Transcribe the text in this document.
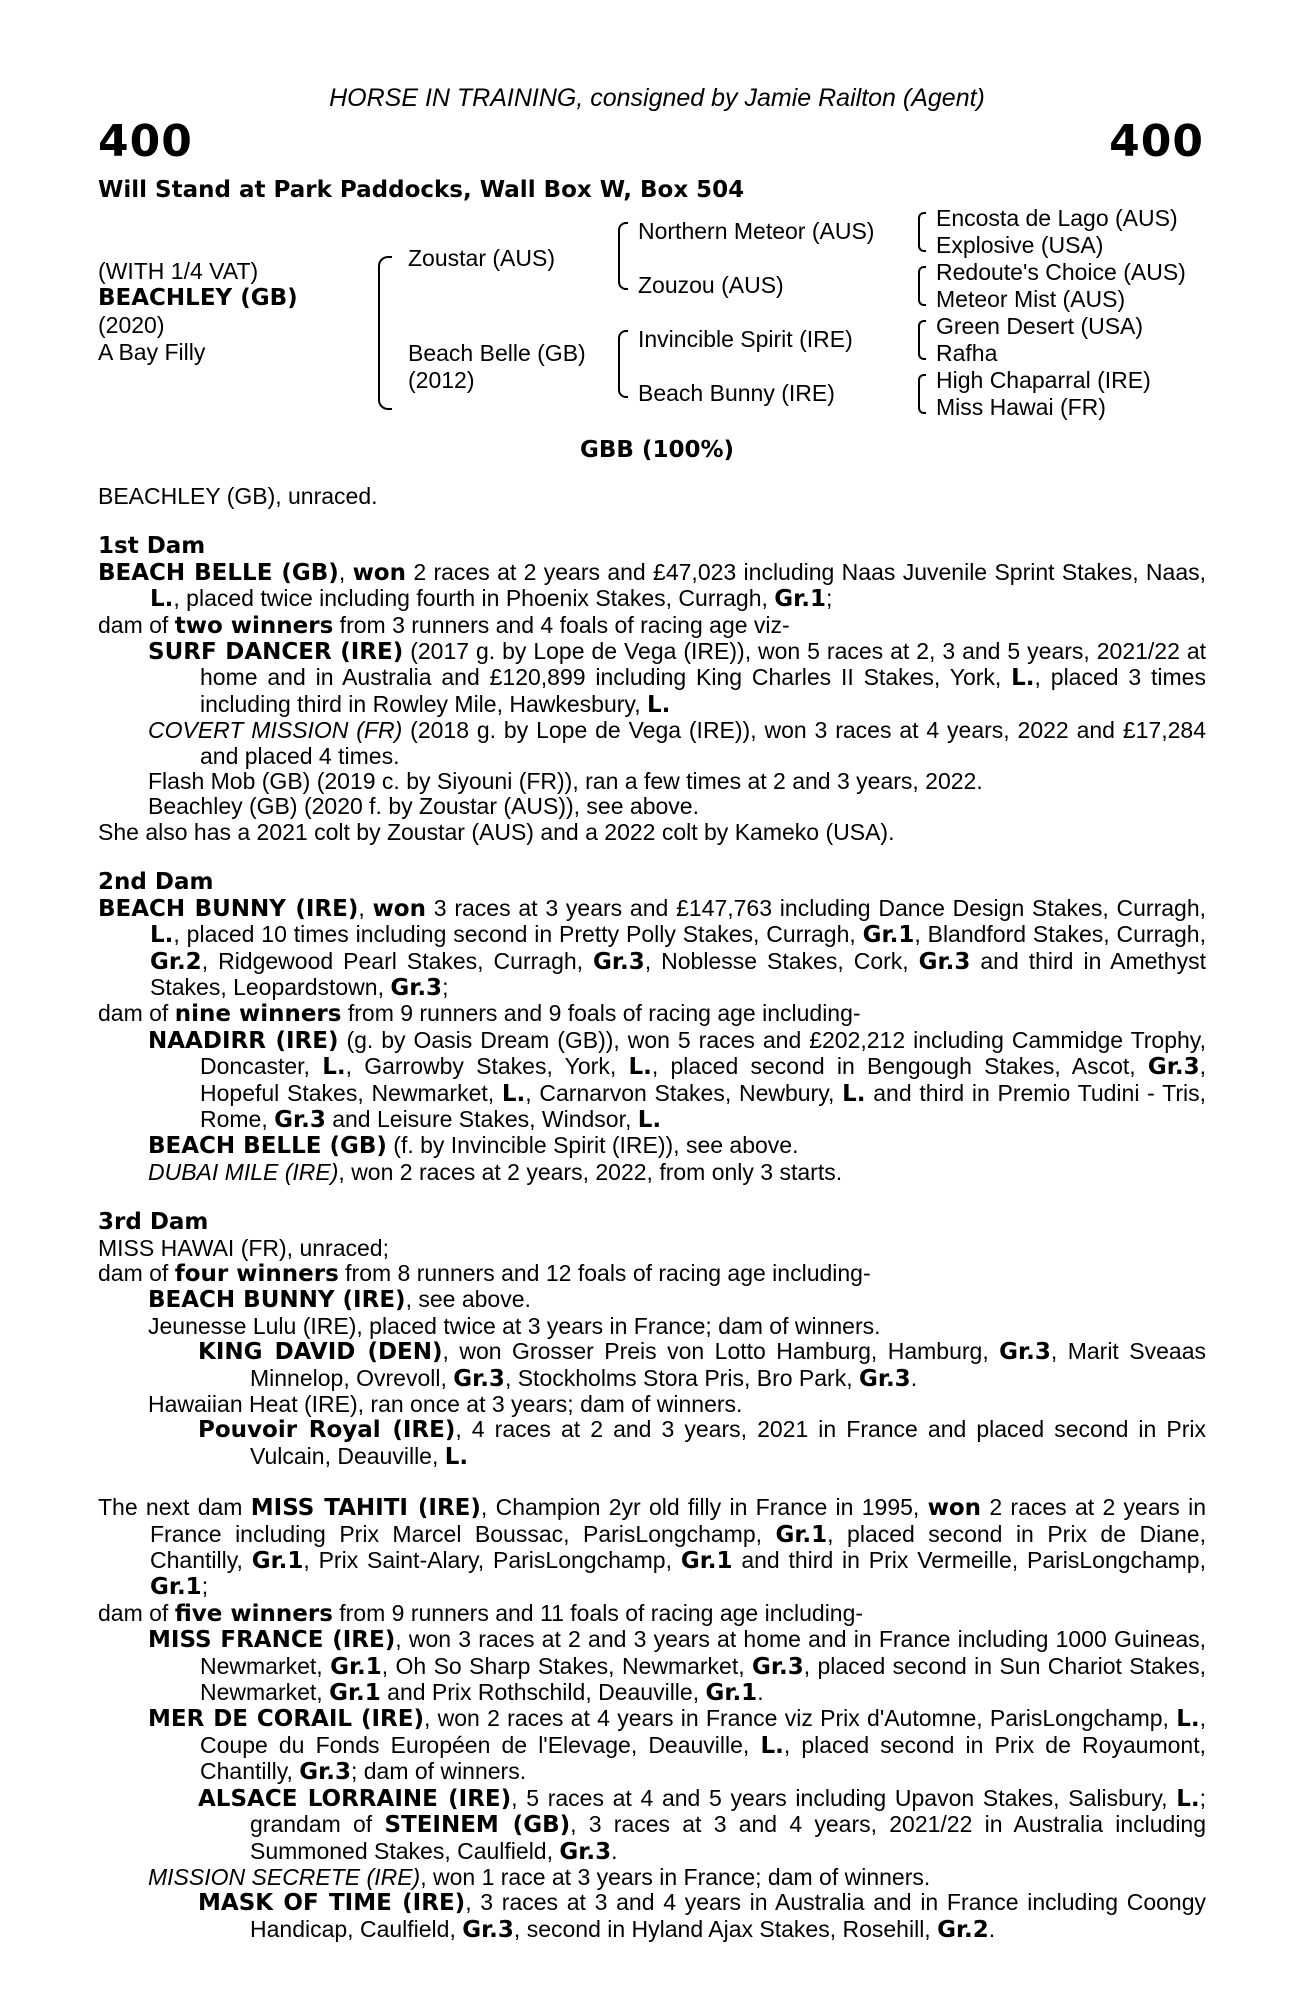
HORSE IN TRAINING, consigned by Jamie Railton (Agent)
400	400
Will Stand at Park Paddocks, Wall Box W, Box 504
(WITH 1/4 VAT)
BEACHLEY (GB)
(2020)
A Bay Filly
Zoustar (AUS)
Beach Belle (GB)
(2012)
Northern Meteor (AUS)
Zouzou (AUS)
Invincible Spirit (IRE)
Beach Bunny (IRE)
Encosta de Lago (AUS)
Explosive (USA)
Redoute's Choice (AUS)
Meteor Mist (AUS)
Green Desert (USA)
Rafha
High Chaparral (IRE)
Miss Hawai (FR)
GBB (100%)
BEACHLEY (GB), unraced.
1st Dam
BEACH BELLE (GB), won 2 races at 2 years and £47,023 including Naas Juvenile Sprint Stakes, Naas, L., placed twice including fourth in Phoenix Stakes, Curragh, Gr.1;
dam of two winners from 3 runners and 4 foals of racing age viz-
SURF DANCER (IRE) (2017 g. by Lope de Vega (IRE)), won 5 races at 2, 3 and 5 years, 2021/22 at home and in Australia and £120,899 including King Charles II Stakes, York, L., placed 3 times including third in Rowley Mile, Hawkesbury, L.
COVERT MISSION (FR) (2018 g. by Lope de Vega (IRE)), won 3 races at 4 years, 2022 and £17,284 and placed 4 times.
Flash Mob (GB) (2019 c. by Siyouni (FR)), ran a few times at 2 and 3 years, 2022.
Beachley (GB) (2020 f. by Zoustar (AUS)), see above.
She also has a 2021 colt by Zoustar (AUS) and a 2022 colt by Kameko (USA).
2nd Dam
BEACH BUNNY (IRE), won 3 races at 3 years and £147,763 including Dance Design Stakes, Curragh, L., placed 10 times including second in Pretty Polly Stakes, Curragh, Gr.1, Blandford Stakes, Curragh, Gr.2, Ridgewood Pearl Stakes, Curragh, Gr.3, Noblesse Stakes, Cork, Gr.3 and third in Amethyst Stakes, Leopardstown, Gr.3;
dam of nine winners from 9 runners and 9 foals of racing age including-
NAADIRR (IRE) (g. by Oasis Dream (GB)), won 5 races and £202,212 including Cammidge Trophy, Doncaster, L., Garrowby Stakes, York, L., placed second in Bengough Stakes, Ascot, Gr.3, Hopeful Stakes, Newmarket, L., Carnarvon Stakes, Newbury, L. and third in Premio Tudini - Tris, Rome, Gr.3 and Leisure Stakes, Windsor, L.
BEACH BELLE (GB) (f. by Invincible Spirit (IRE)), see above.
DUBAI MILE (IRE), won 2 races at 2 years, 2022, from only 3 starts.
3rd Dam
MISS HAWAI (FR), unraced;
dam of four winners from 8 runners and 12 foals of racing age including-
BEACH BUNNY (IRE), see above.
Jeunesse Lulu (IRE), placed twice at 3 years in France; dam of winners.
KING DAVID (DEN), won Grosser Preis von Lotto Hamburg, Hamburg, Gr.3, Marit Sveaas Minnelop, Ovrevoll, Gr.3, Stockholms Stora Pris, Bro Park, Gr.3.
Hawaiian Heat (IRE), ran once at 3 years; dam of winners.
Pouvoir Royal (IRE), 4 races at 2 and 3 years, 2021 in France and placed second in Prix Vulcain, Deauville, L.
The next dam MISS TAHITI (IRE), Champion 2yr old filly in France in 1995, won 2 races at 2 years in France including Prix Marcel Boussac, ParisLongchamp, Gr.1, placed second in Prix de Diane, Chantilly, Gr.1, Prix Saint-Alary, ParisLongchamp, Gr.1 and third in Prix Vermeille, ParisLongchamp, Gr.1;
dam of five winners from 9 runners and 11 foals of racing age including-
MISS FRANCE (IRE), won 3 races at 2 and 3 years at home and in France including 1000 Guineas, Newmarket, Gr.1, Oh So Sharp Stakes, Newmarket, Gr.3, placed second in Sun Chariot Stakes, Newmarket, Gr.1 and Prix Rothschild, Deauville, Gr.1.
MER DE CORAIL (IRE), won 2 races at 4 years in France viz Prix d'Automne, ParisLongchamp, L., Coupe du Fonds Européen de l'Elevage, Deauville, L., placed second in Prix de Royaumont, Chantilly, Gr.3; dam of winners.
ALSACE LORRAINE (IRE), 5 races at 4 and 5 years including Upavon Stakes, Salisbury, L.; grandam of STEINEM (GB), 3 races at 3 and 4 years, 2021/22 in Australia including Summoned Stakes, Caulfield, Gr.3.
MISSION SECRETE (IRE), won 1 race at 3 years in France; dam of winners.
MASK OF TIME (IRE), 3 races at 3 and 4 years in Australia and in France including Coongy Handicap, Caulfield, Gr.3, second in Hyland Ajax Stakes, Rosehill, Gr.2.
